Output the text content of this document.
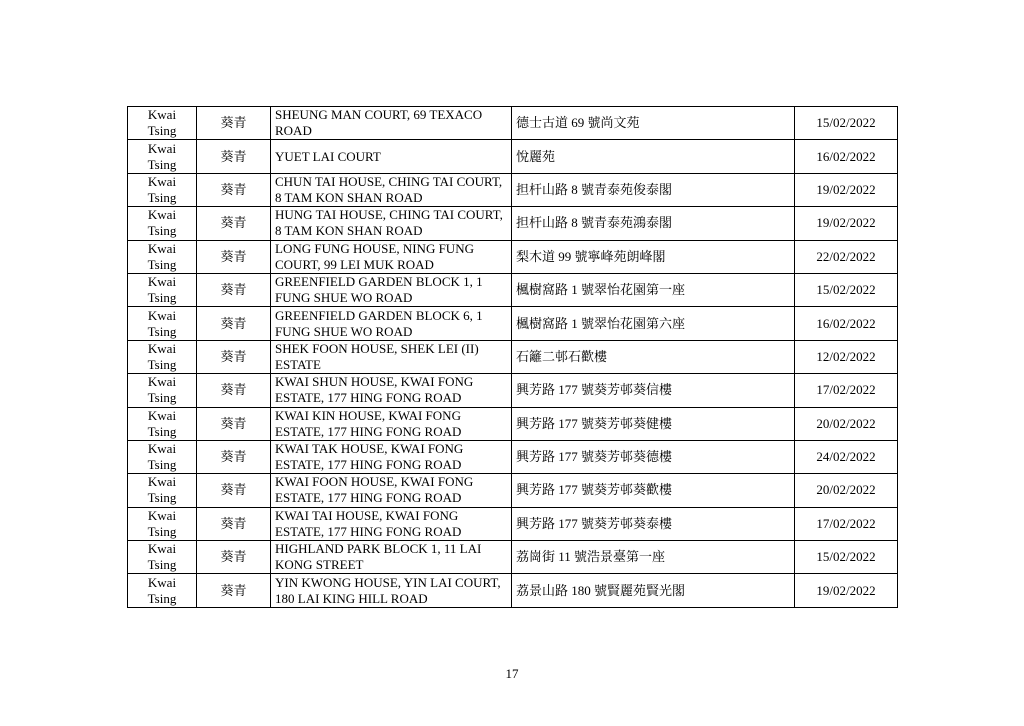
Kwai Tsing	葵青	SHEUNG MAN COURT, 69 TEXACO ROAD	德士古道 69 號尚文苑	15/02/2022
Kwai Tsing	葵青	YUET LAI COURT	悅麗苑	16/02/2022
Kwai Tsing	葵青	CHUN TAI HOUSE, CHING TAI COURT, 8 TAM KON SHAN ROAD	担杆山路 8 號青泰苑俊泰閣	19/02/2022
Kwai Tsing	葵青	HUNG TAI HOUSE, CHING TAI COURT, 8 TAM KON SHAN ROAD	担杆山路 8 號青泰苑鴻泰閣	19/02/2022
Kwai Tsing	葵青	LONG FUNG HOUSE, NING FUNG COURT, 99 LEI MUK ROAD	梨木道 99 號寧峰苑朗峰閣	22/02/2022
Kwai Tsing	葵青	GREENFIELD GARDEN BLOCK 1, 1 FUNG SHUE WO ROAD	楓樹窩路 1 號翠怡花園第一座	15/02/2022
Kwai Tsing	葵青	GREENFIELD GARDEN BLOCK 6, 1 FUNG SHUE WO ROAD	楓樹窩路 1 號翠怡花園第六座	16/02/2022
Kwai Tsing	葵青	SHEK FOON HOUSE, SHEK LEI (II) ESTATE	石籬二邨石歡樓	12/02/2022
Kwai Tsing	葵青	KWAI SHUN HOUSE, KWAI FONG ESTATE, 177 HING FONG ROAD	興芳路 177 號葵芳邨葵信樓	17/02/2022
Kwai Tsing	葵青	KWAI KIN HOUSE, KWAI FONG ESTATE, 177 HING FONG ROAD	興芳路 177 號葵芳邨葵健樓	20/02/2022
Kwai Tsing	葵青	KWAI TAK HOUSE, KWAI FONG ESTATE, 177 HING FONG ROAD	興芳路 177 號葵芳邨葵德樓	24/02/2022
Kwai Tsing	葵青	KWAI FOON HOUSE, KWAI FONG ESTATE, 177 HING FONG ROAD	興芳路 177 號葵芳邨葵歡樓	20/02/2022
Kwai Tsing	葵青	KWAI TAI HOUSE, KWAI FONG ESTATE, 177 HING FONG ROAD	興芳路 177 號葵芳邨葵泰樓	17/02/2022
Kwai Tsing	葵青	HIGHLAND PARK BLOCK 1, 11 LAI KONG STREET	荔崗街 11 號浩景臺第一座	15/02/2022
Kwai Tsing	葵青	YIN KWONG HOUSE, YIN LAI COURT, 180 LAI KING HILL ROAD	荔景山路 180 號賢麗苑賢光閣	19/02/2022
17
